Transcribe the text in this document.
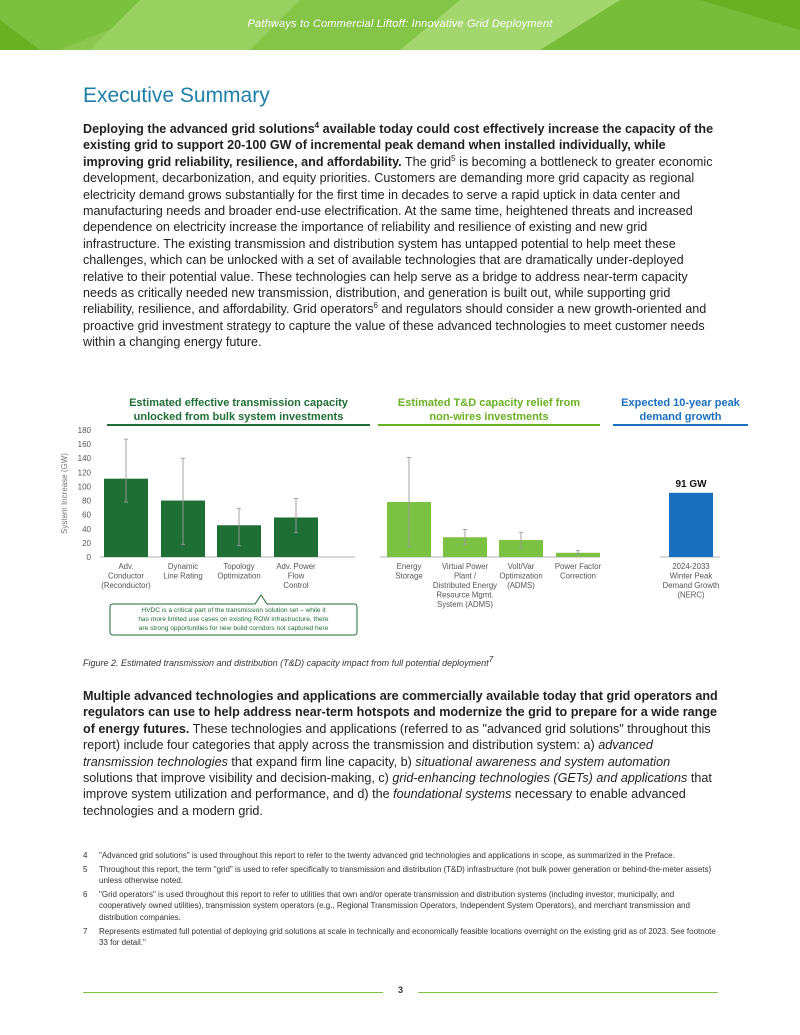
Pathways to Commercial Liftoff: Innovative Grid Deployment
Executive Summary

Deploying the advanced grid solutions$^4$ available today could cost effectively increase the capacity of the existing grid to support 20-100 GW of incremental peak demand when installed individually, while improving grid reliability, resilience, and affordability. The grid$^5$ is becoming a bottleneck to greater economic development, decarbonization, and equity priorities. Customers are demanding more grid capacity as regional electricity demand grows substantially for the first time in decades to serve a rapid uptick in data center and manufacturing needs and broader end-use electrification. At the same time, heightened threats and increased dependence on electricity increase the importance of reliability and resilience of existing and new grid infrastructure. The existing transmission and distribution system has untapped potential to help meet these challenges, which can be unlocked with a set of available technologies that are dramatically under-deployed relative to their potential value. These technologies can help serve as a bridge to address near-term capacity needs as critically needed new transmission, distribution, and generation is built out, while supporting grid reliability, resilience, and affordability. Grid operators$^6$ and regulators should consider a new growth-oriented and proactive grid investment strategy to capture the value of these advanced technologies to meet customer needs within a changing energy future.

System Increase (GW)
0
20
40
60
80
100
120
140
160
180
Estimated effective transmission capacity
unlocked from bulk system investments
Estimated T&D capacity relief from
non-wires investments
Expected 10-year peak
demand growth
Adv.
Conductor
(Reconductor)
Dynamic
Line Rating
Topology
Optimization
Adv. Power
Flow
Control
Energy
Storage
Virtual Power
Plant /
Distributed Energy
Resource Mgmt.
System (ADMS)
Volt/Var
Optimization
(ADMS)
Power Factor
Correction
91 GW
2024-2033
Winter Peak
Demand Growth
(NERC)
HVDC is a critical part of the transmission solution set – while it
has more limited use cases on existing ROW infrastructure, there
are strong opportunities for new build corridors not captured here
Figure 2. Estimated transmission and distribution (T&D) capacity impact from full potential deployment$^7$

Multiple advanced technologies and applications are commercially available today that grid operators and regulators can use to help address near-term hotspots and modernize the grid to prepare for a wide range of energy futures. These technologies and applications (referred to as "advanced grid solutions" throughout this report) include four categories that apply across the transmission and distribution system: a) advanced transmission technologies that expand firm line capacity, b) situational awareness and system automation solutions that improve visibility and decision-making, c) grid-enhancing technologies (GETs) and applications that improve system utilization and performance, and d) the foundational systems necessary to enable advanced technologies and a modern grid.

4 "Advanced grid solutions" is used throughout this report to refer to the twenty advanced grid technologies and applications in scope, as summarized in the Preface.
5 Throughout this report, the term "grid" is used to refer specifically to transmission and distribution (T&D) infrastructure (not bulk power generation or behind-the-meter assets) unless otherwise noted.
6 "Grid operators" is used throughout this report to refer to utilities that own and/or operate transmission and distribution systems (including investor, municipally, and cooperatively owned utilities), transmission system operators (e.g., Regional Transmission Operators, Independent System Operators), and merchant transmission and distribution companies.
7 Represents estimated full potential of deploying grid solutions at scale in technically and economically feasible locations overnight on the existing grid as of 2023. See footnote 33 for detail."
3
